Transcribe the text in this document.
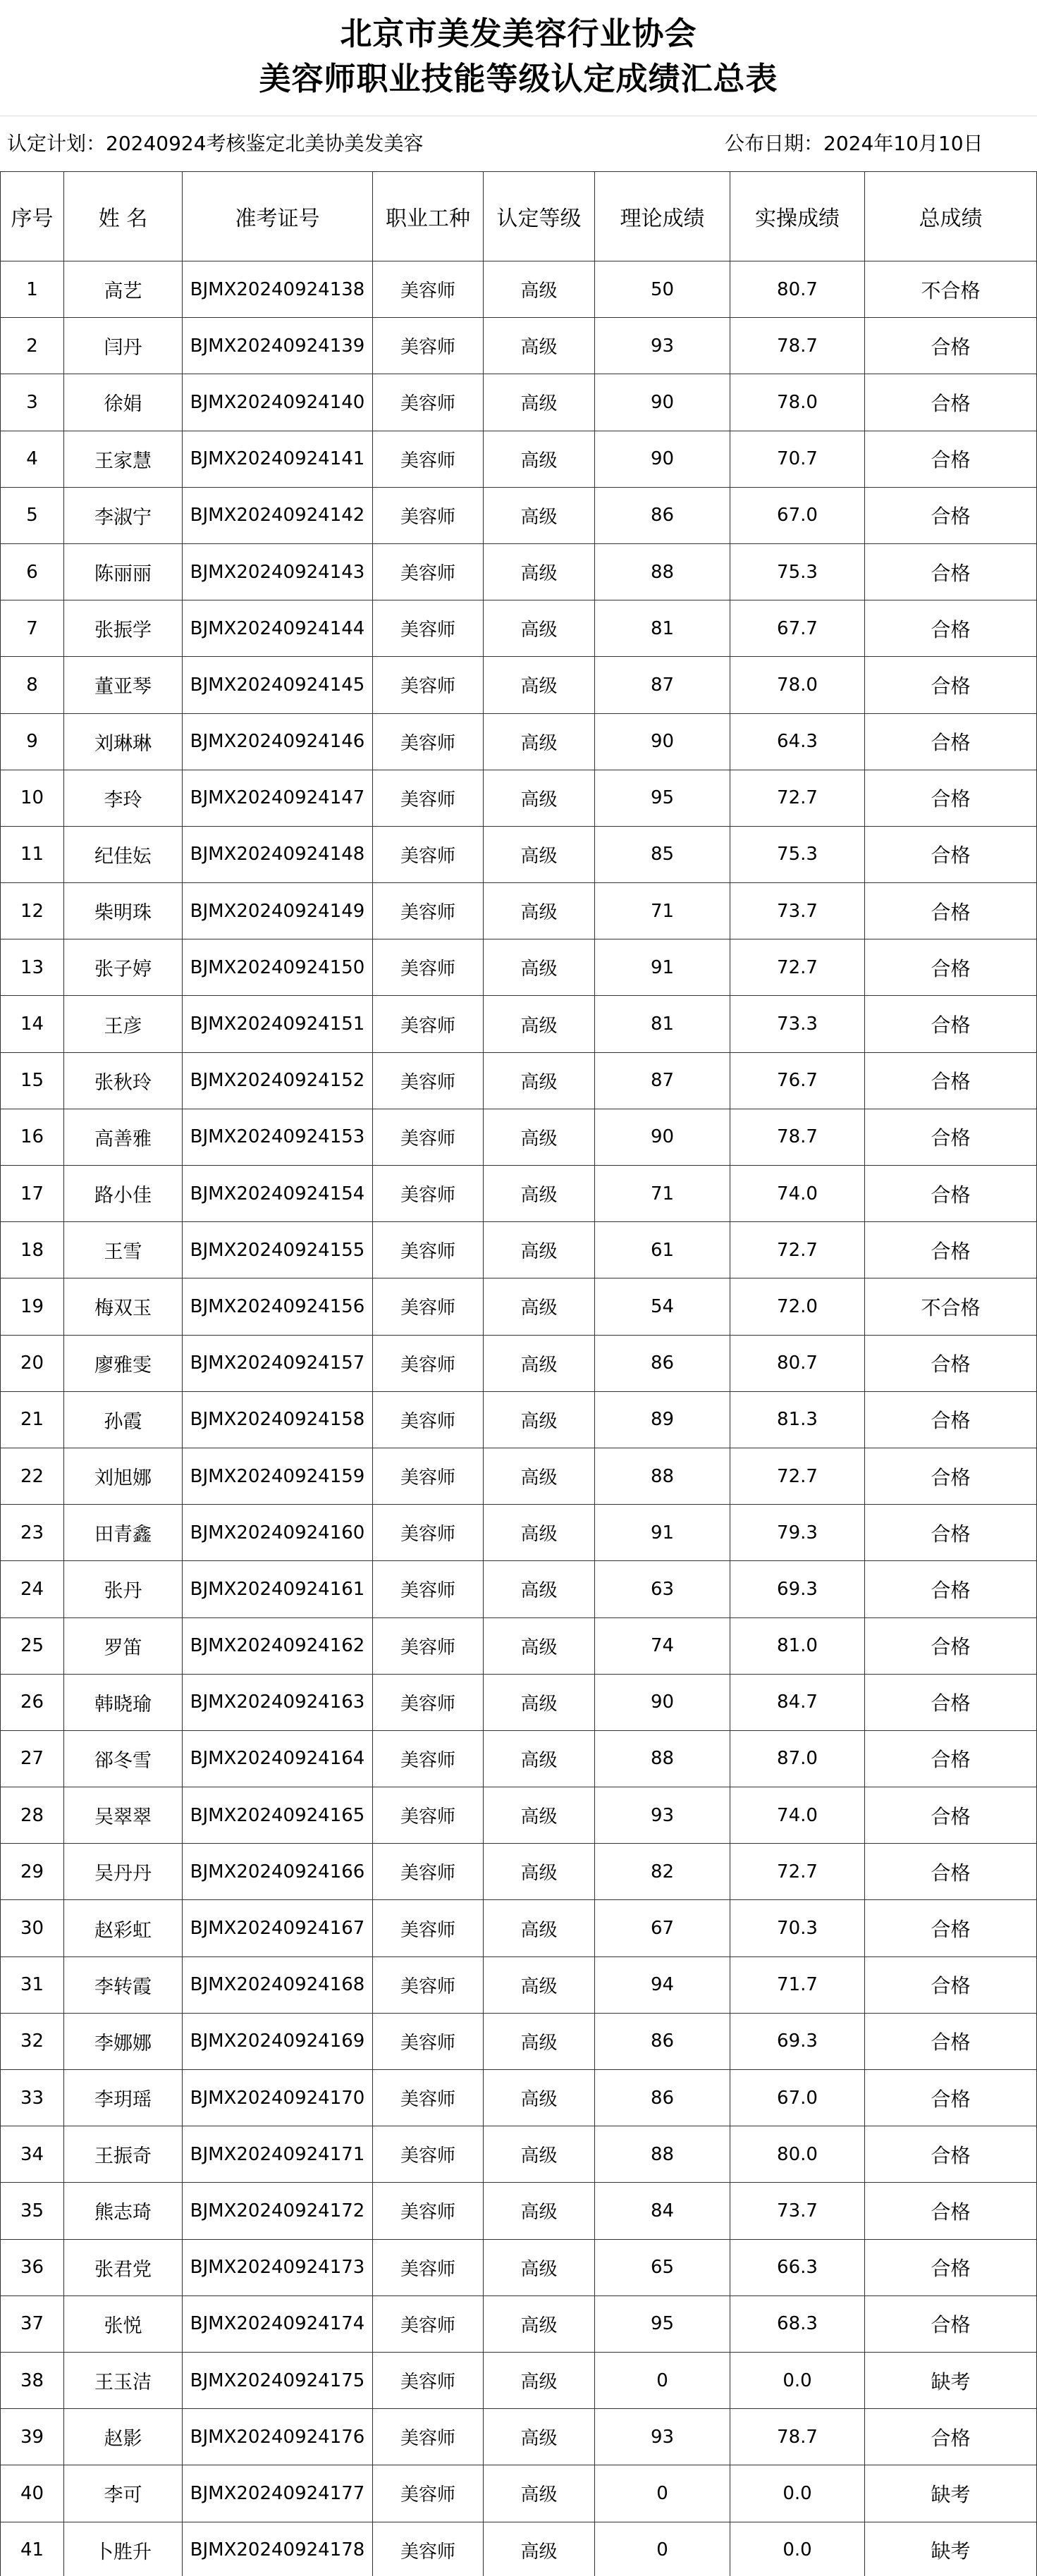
北京市美发美容行业协会
美容师职业技能等级认定成绩汇总表
认定计划：20240924考核鉴定北美协美发美容	公布日期：2024年10月10日
序号	姓 名	准考证号	职业工种	认定等级	理论成绩	实操成绩	总成绩
1	高艺	BJMX20240924138	美容师	高级	50	80.7	不合格
2	闫丹	BJMX20240924139	美容师	高级	93	78.7	合格
3	徐娟	BJMX20240924140	美容师	高级	90	78.0	合格
4	王家慧	BJMX20240924141	美容师	高级	90	70.7	合格
5	李淑宁	BJMX20240924142	美容师	高级	86	67.0	合格
6	陈丽丽	BJMX20240924143	美容师	高级	88	75.3	合格
7	张振学	BJMX20240924144	美容师	高级	81	67.7	合格
8	董亚琴	BJMX20240924145	美容师	高级	87	78.0	合格
9	刘琳琳	BJMX20240924146	美容师	高级	90	64.3	合格
10	李玲	BJMX20240924147	美容师	高级	95	72.7	合格
11	纪佳妘	BJMX20240924148	美容师	高级	85	75.3	合格
12	柴明珠	BJMX20240924149	美容师	高级	71	73.7	合格
13	张子婷	BJMX20240924150	美容师	高级	91	72.7	合格
14	王彦	BJMX20240924151	美容师	高级	81	73.3	合格
15	张秋玲	BJMX20240924152	美容师	高级	87	76.7	合格
16	高善雅	BJMX20240924153	美容师	高级	90	78.7	合格
17	路小佳	BJMX20240924154	美容师	高级	71	74.0	合格
18	王雪	BJMX20240924155	美容师	高级	61	72.7	合格
19	梅双玉	BJMX20240924156	美容师	高级	54	72.0	不合格
20	廖雅雯	BJMX20240924157	美容师	高级	86	80.7	合格
21	孙霞	BJMX20240924158	美容师	高级	89	81.3	合格
22	刘旭娜	BJMX20240924159	美容师	高级	88	72.7	合格
23	田青鑫	BJMX20240924160	美容师	高级	91	79.3	合格
24	张丹	BJMX20240924161	美容师	高级	63	69.3	合格
25	罗笛	BJMX20240924162	美容师	高级	74	81.0	合格
26	韩晓瑜	BJMX20240924163	美容师	高级	90	84.7	合格
27	郤冬雪	BJMX20240924164	美容师	高级	88	87.0	合格
28	吴翠翠	BJMX20240924165	美容师	高级	93	74.0	合格
29	吴丹丹	BJMX20240924166	美容师	高级	82	72.7	合格
30	赵彩虹	BJMX20240924167	美容师	高级	67	70.3	合格
31	李转霞	BJMX20240924168	美容师	高级	94	71.7	合格
32	李娜娜	BJMX20240924169	美容师	高级	86	69.3	合格
33	李玥瑶	BJMX20240924170	美容师	高级	86	67.0	合格
34	王振奇	BJMX20240924171	美容师	高级	88	80.0	合格
35	熊志琦	BJMX20240924172	美容师	高级	84	73.7	合格
36	张君党	BJMX20240924173	美容师	高级	65	66.3	合格
37	张悦	BJMX20240924174	美容师	高级	95	68.3	合格
38	王玉洁	BJMX20240924175	美容师	高级	0	0.0	缺考
39	赵影	BJMX20240924176	美容师	高级	93	78.7	合格
40	李可	BJMX20240924177	美容师	高级	0	0.0	缺考
41	卜胜升	BJMX20240924178	美容师	高级	0	0.0	缺考
